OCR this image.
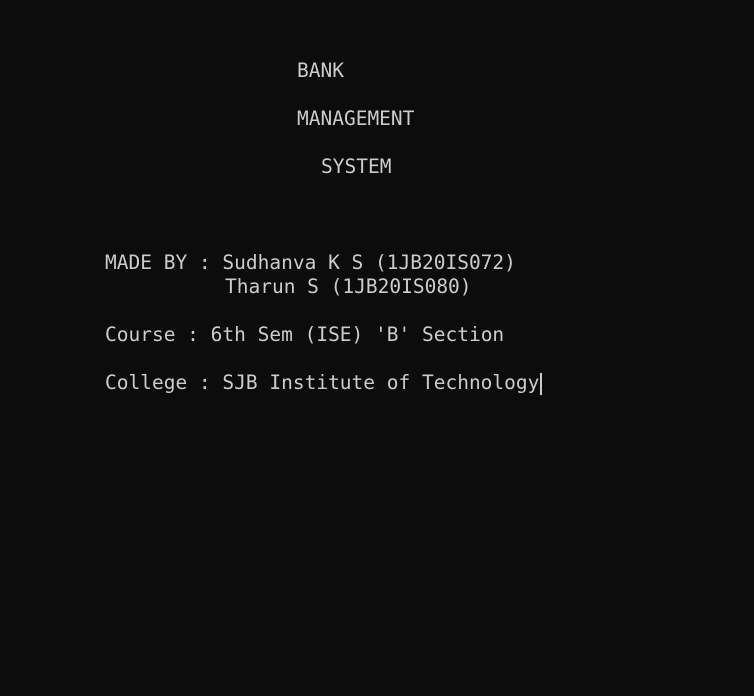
BANK

MANAGEMENT

SYSTEM

MADE BY : Sudhanva K S (1JB20IS072)

Tharun S (1JB20IS080)

Course : 6th Sem (ISE) 'B' Section

College : SJB Institute of Technology
